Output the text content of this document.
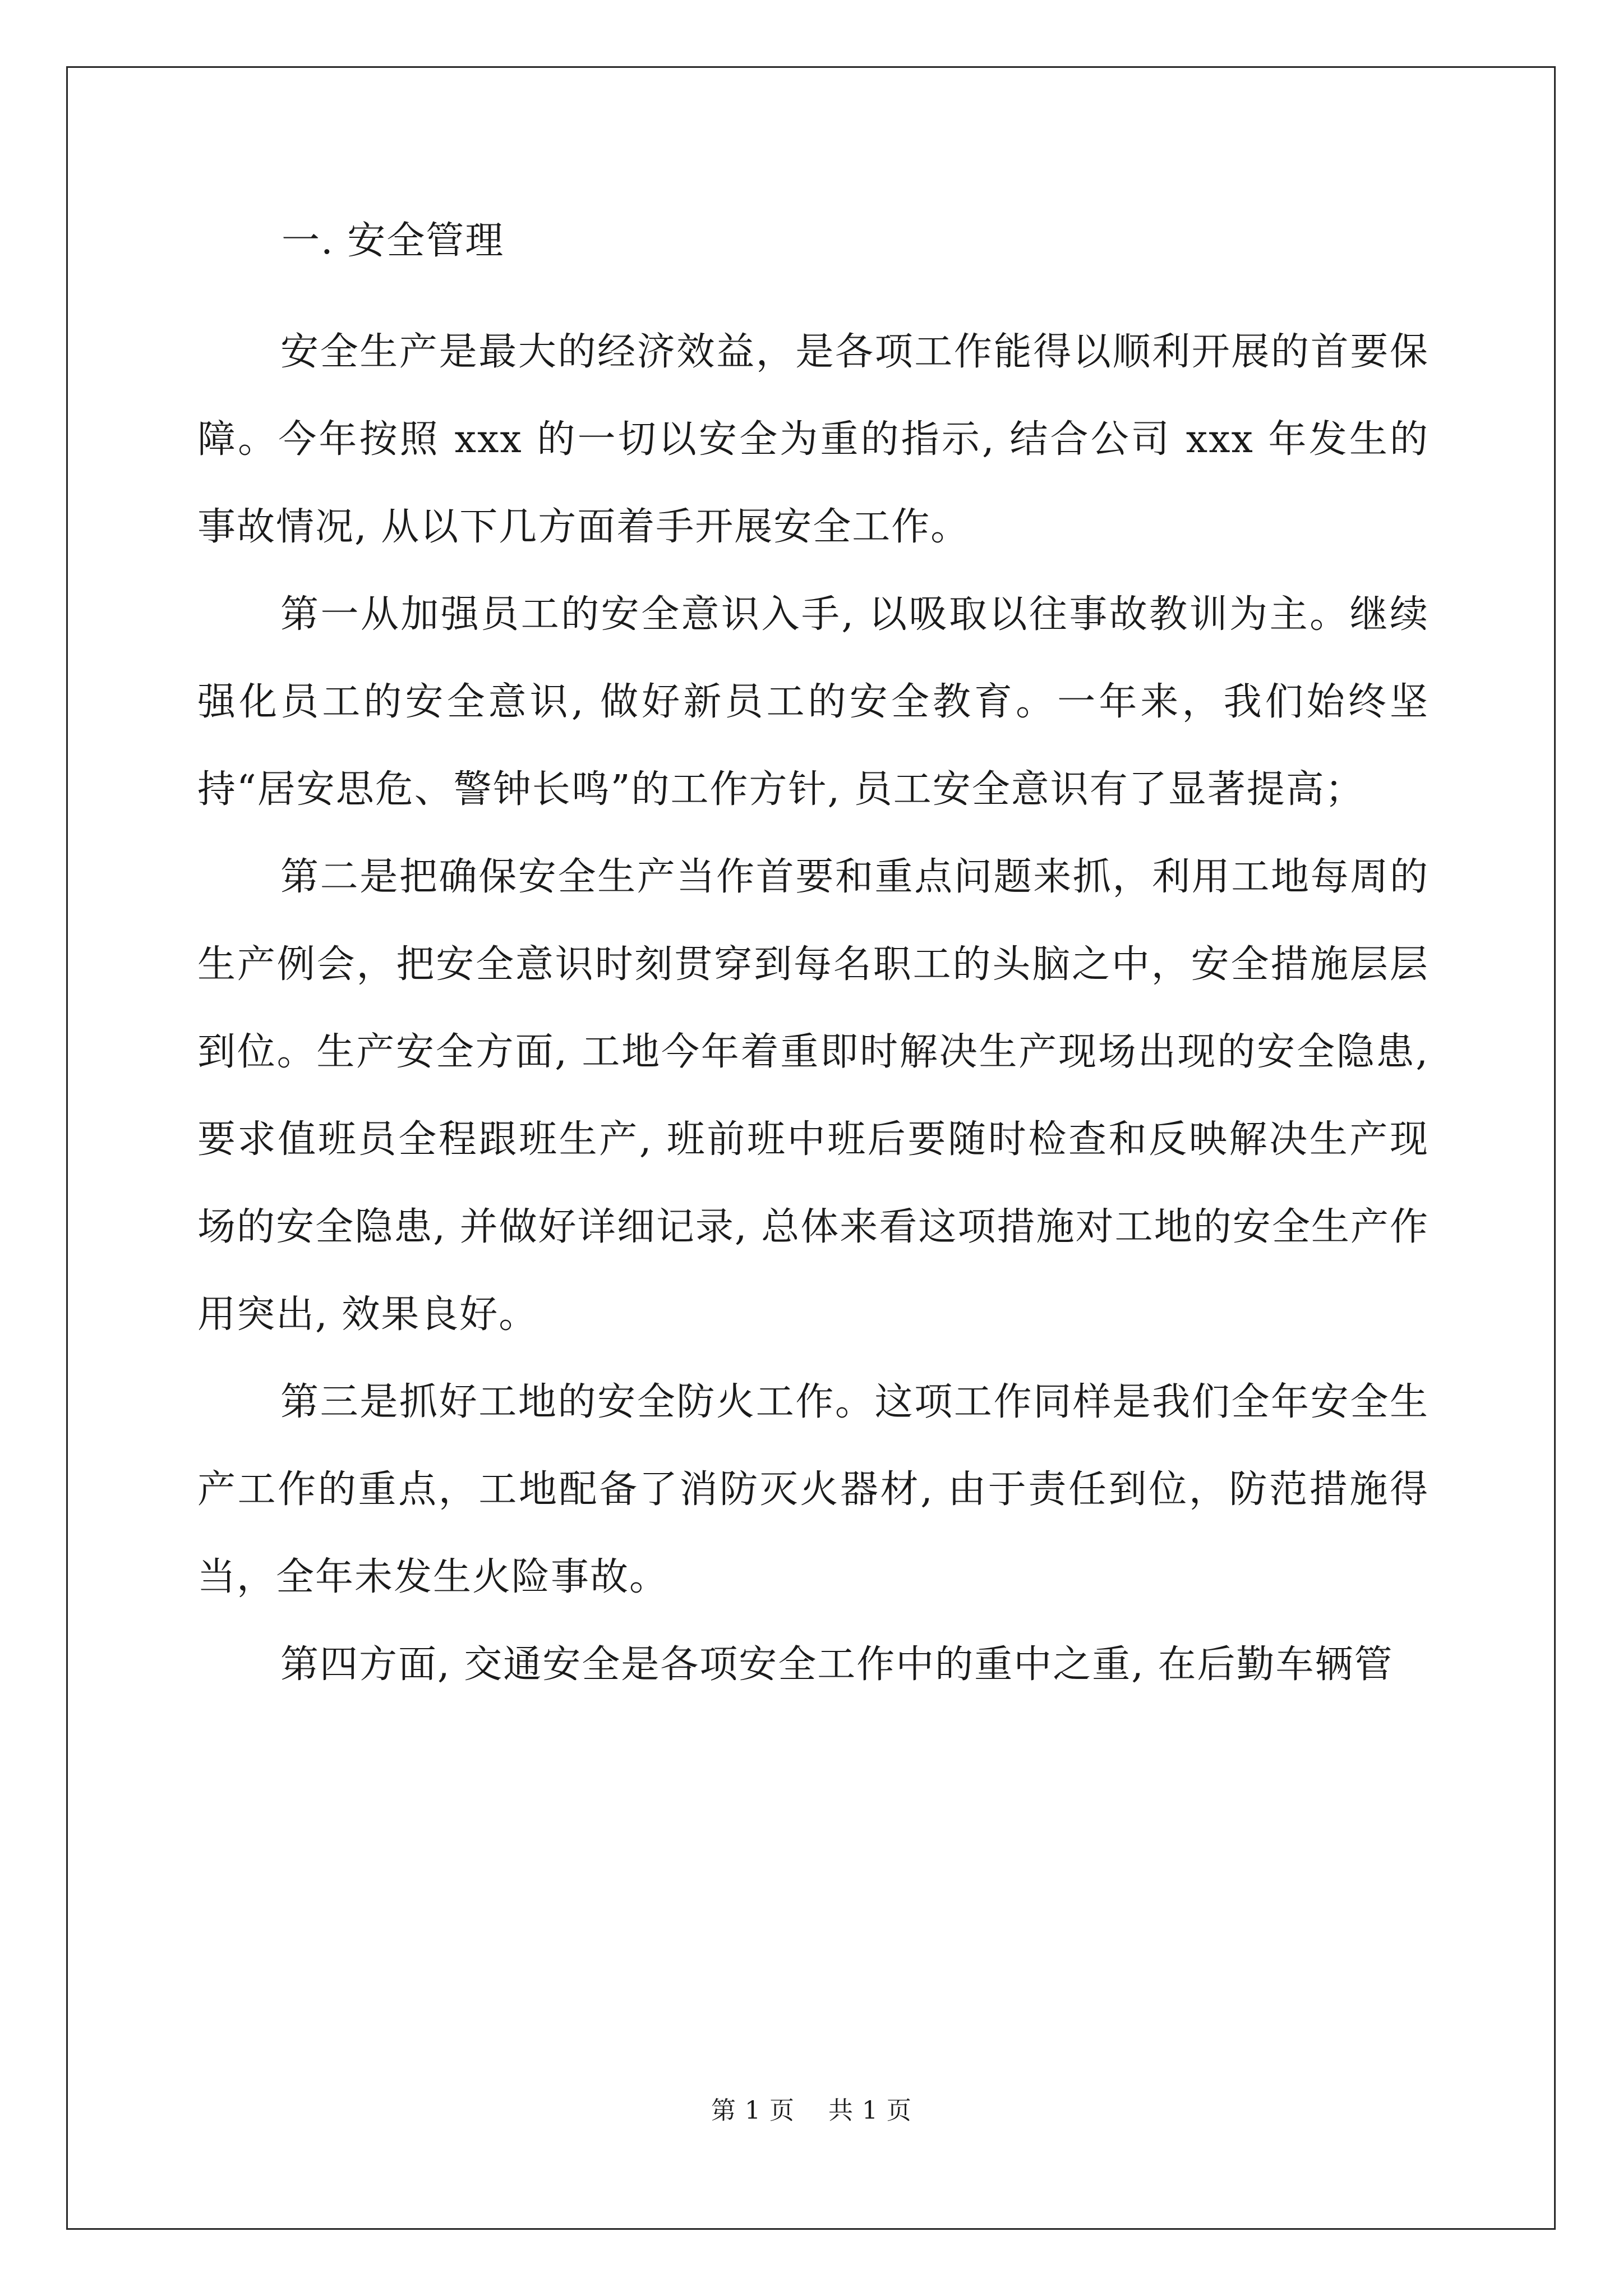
一. 安全管理

安全生产是最大的经济效益，是各项工作能得以顺利开展的首要保障。今年按照 xxx 的一切以安全为重的指示, 结合公司 xxx 年发生的事故情况, 从以下几方面着手开展安全工作。

第一从加强员工的安全意识入手, 以吸取以往事故教训为主。继续强化员工的安全意识, 做好新员工的安全教育。一年来，我们始终坚持“居安思危、警钟长鸣”的工作方针, 员工安全意识有了显著提高；

第二是把确保安全生产当作首要和重点问题来抓，利用工地每周的生产例会，把安全意识时刻贯穿到每名职工的头脑之中，安全措施层层到位。生产安全方面, 工地今年着重即时解决生产现场出现的安全隐患, 要求值班员全程跟班生产, 班前班中班后要随时检查和反映解决生产现场的安全隐患, 并做好详细记录, 总体来看这项措施对工地的安全生产作用突出, 效果良好。

第三是抓好工地的安全防火工作。这项工作同样是我们全年安全生产工作的重点，工地配备了消防灭火器材, 由于责任到位，防范措施得当，全年未发生火险事故。

第四方面, 交通安全是各项安全工作中的重中之重, 在后勤车辆管

第 1 页 共 1 页
